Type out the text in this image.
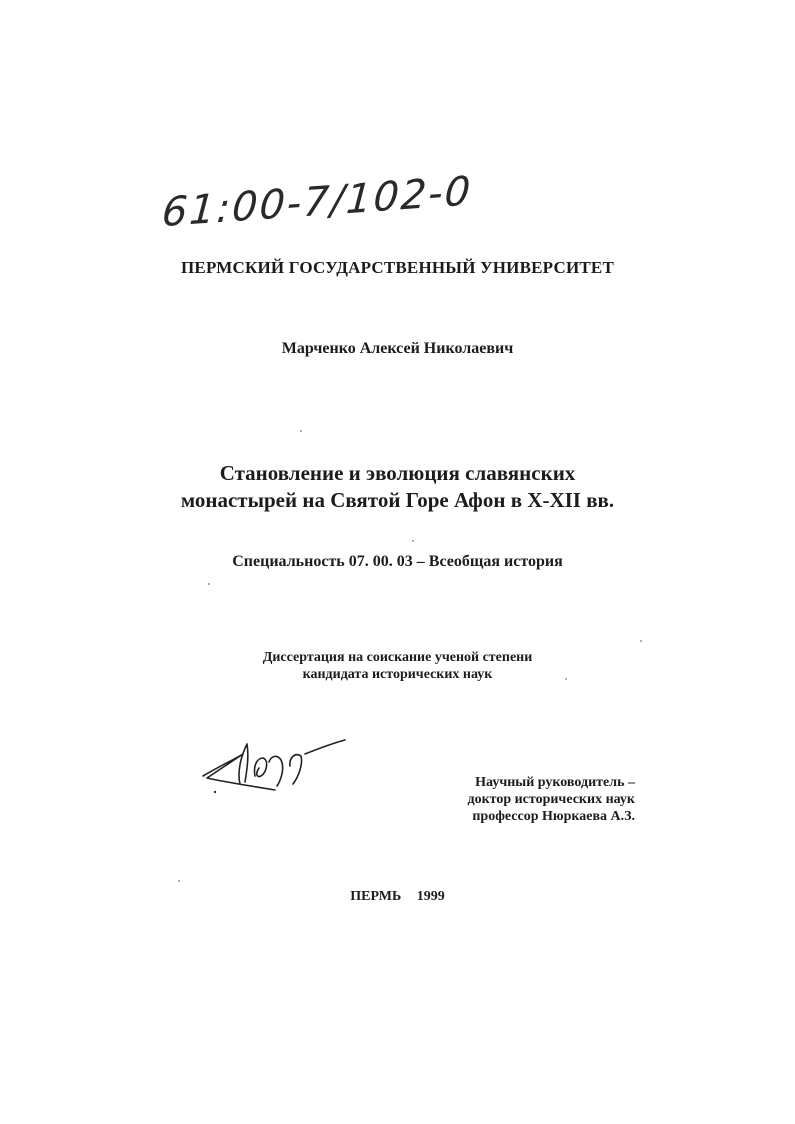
61:00-7/102-0
ПЕРМСКИЙ ГОСУДАРСТВЕННЫЙ УНИВЕРСИТЕТ
Марченко Алексей Николаевич
Становление и эволюция славянских
монастырей на Святой Горе Афон в X-XII вв.
Специальность 07. 00. 03 – Всеобщая история
Диссертация на соискание ученой степени
кандидата исторических наук
Научный руководитель –
доктор исторических наук
профессор Нюркаева А.З.
ПЕРМЬ 1999
